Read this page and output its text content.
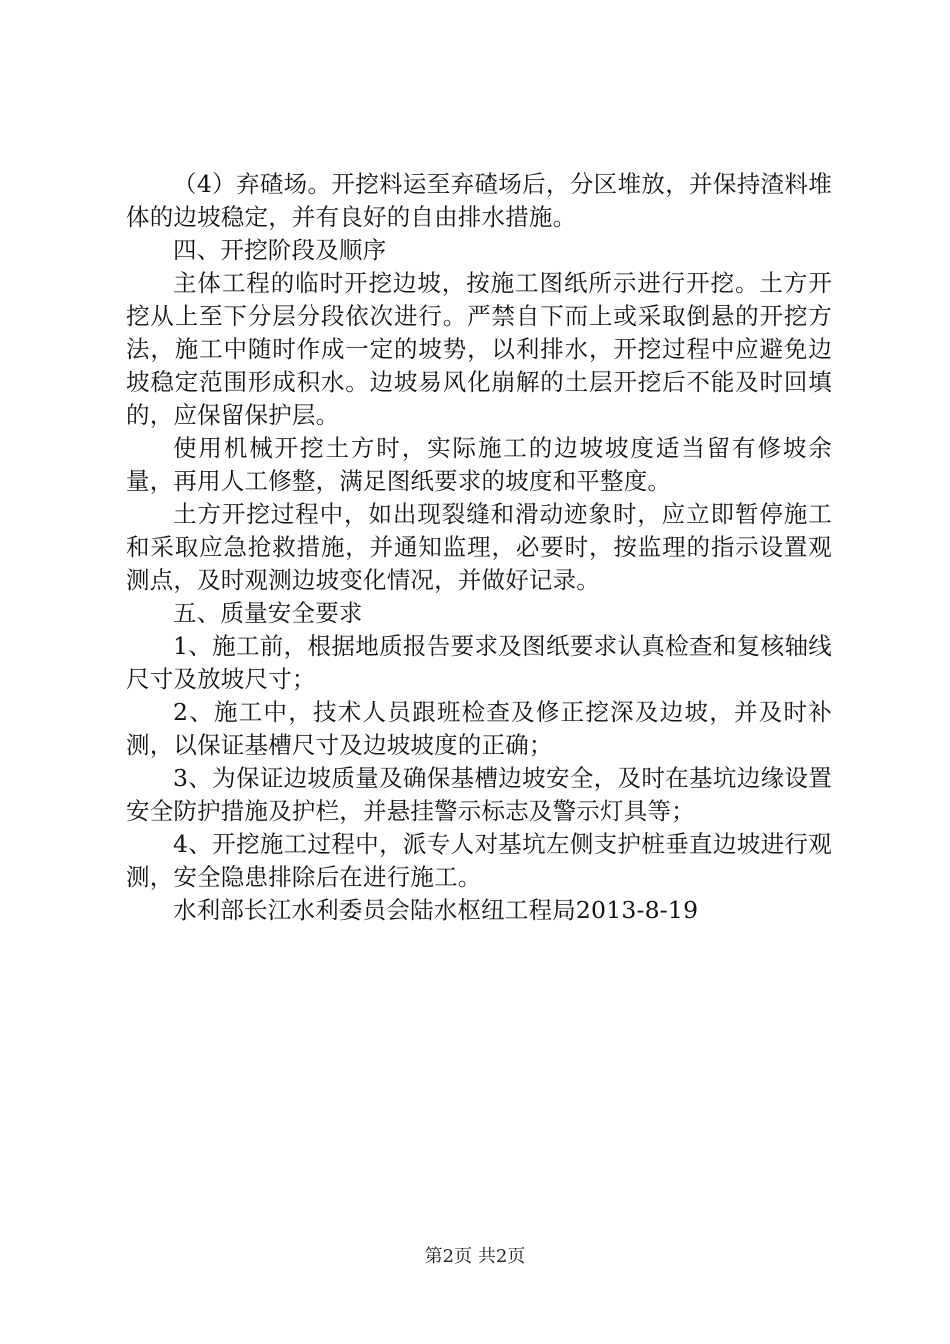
（4）弃碴场。开挖料运至弃碴场后，分区堆放，并保持渣料堆体的边坡稳定，并有良好的自由排水措施。

四、开挖阶段及顺序

主体工程的临时开挖边坡，按施工图纸所示进行开挖。土方开挖从上至下分层分段依次进行。严禁自下而上或采取倒悬的开挖方法，施工中随时作成一定的坡势，以利排水，开挖过程中应避免边坡稳定范围形成积水。边坡易风化崩解的土层开挖后不能及时回填的，应保留保护层。

使用机械开挖土方时，实际施工的边坡坡度适当留有修坡余量，再用人工修整，满足图纸要求的坡度和平整度。

土方开挖过程中，如出现裂缝和滑动迹象时，应立即暂停施工和采取应急抢救措施，并通知监理，必要时，按监理的指示设置观测点，及时观测边坡变化情况，并做好记录。

五、质量安全要求

1、施工前，根据地质报告要求及图纸要求认真检查和复核轴线尺寸及放坡尺寸；

2、施工中，技术人员跟班检查及修正挖深及边坡，并及时补测，以保证基槽尺寸及边坡坡度的正确；

3、为保证边坡质量及确保基槽边坡安全，及时在基坑边缘设置安全防护措施及护栏，并悬挂警示标志及警示灯具等；

4、开挖施工过程中，派专人对基坑左侧支护桩垂直边坡进行观测，安全隐患排除后在进行施工。

水利部长江水利委员会陆水枢纽工程局2013-8-19

第2页 共2页
